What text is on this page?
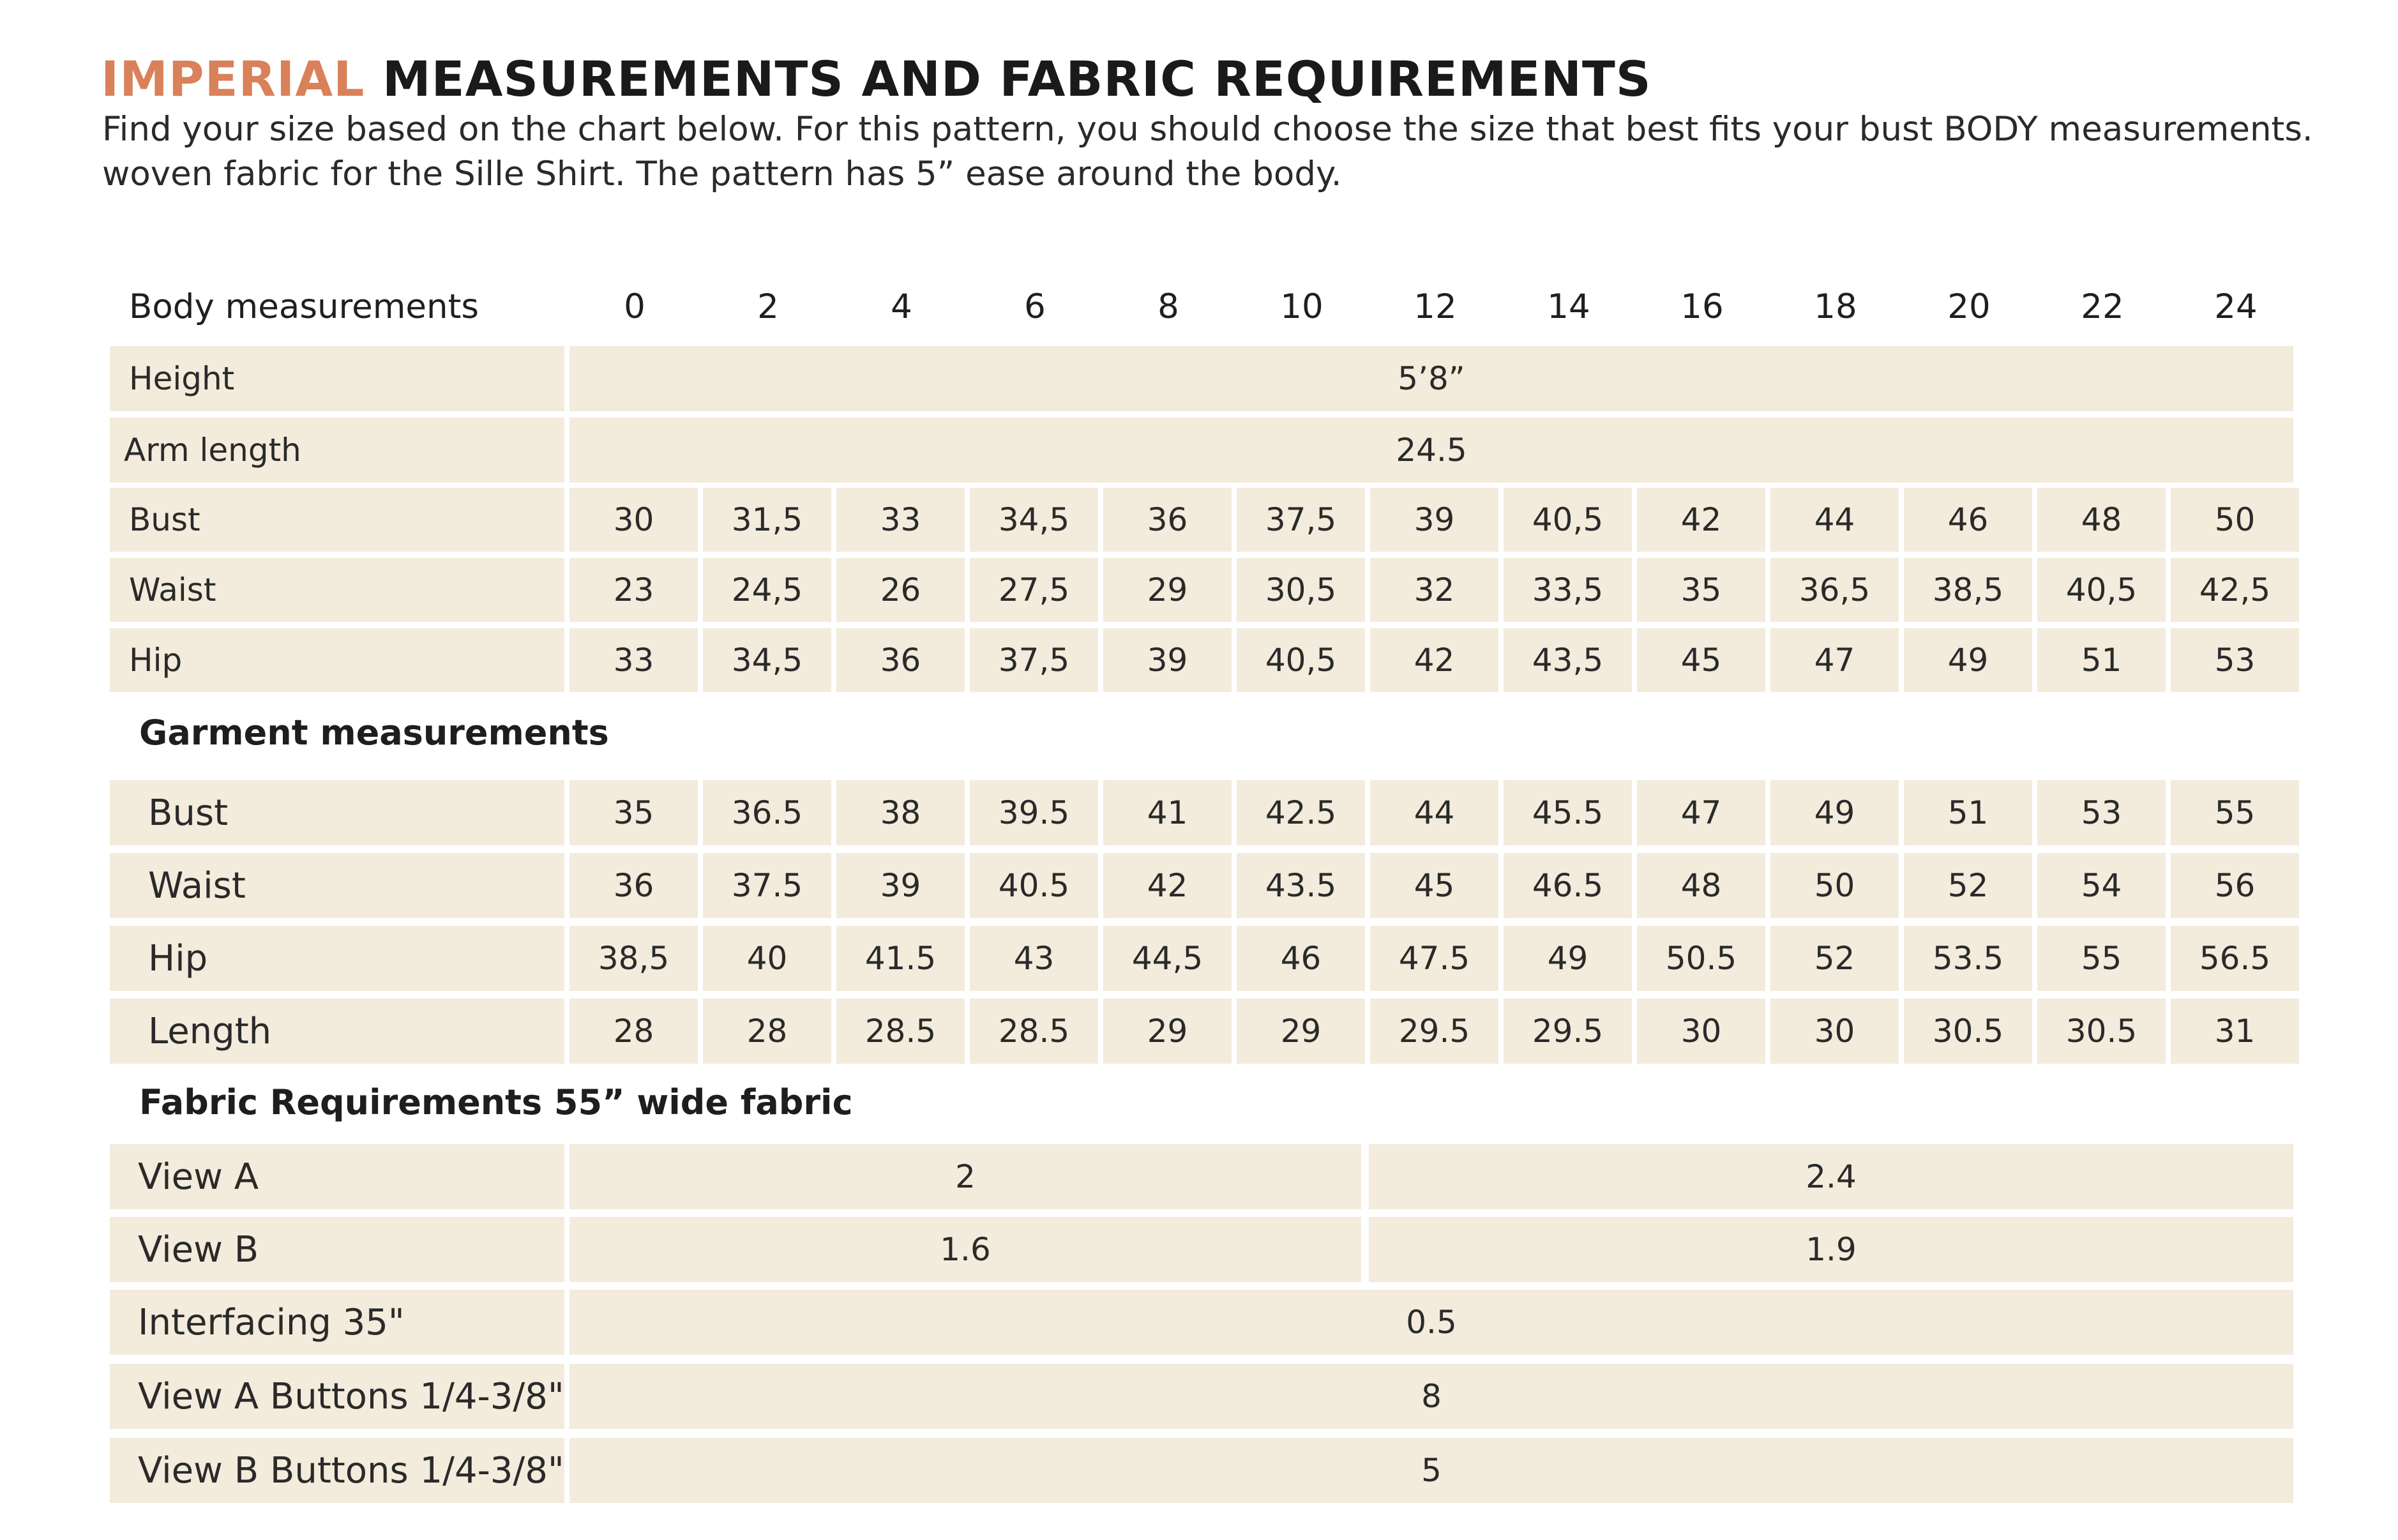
IMPERIAL MEASUREMENTS AND FABRIC REQUIREMENTS
Find your size based on the chart below. For this pattern, you should choose the size that best fits your bust BODY measurements.
woven fabric for the Sille Shirt. The pattern has 5” ease around the body.
Body measurements	0	2	4	6	8	10	12	14	16	18	20	22	24
Height	5’8”
Arm length	24.5
Bust	30	31,5	33	34,5	36	37,5	39	40,5	42	44	46	48	50
Waist	23	24,5	26	27,5	29	30,5	32	33,5	35	36,5	38,5	40,5	42,5
Hip	33	34,5	36	37,5	39	40,5	42	43,5	45	47	49	51	53
Garment measurements
Bust	35	36.5	38	39.5	41	42.5	44	45.5	47	49	51	53	55
Waist	36	37.5	39	40.5	42	43.5	45	46.5	48	50	52	54	56
Hip	38,5	40	41.5	43	44,5	46	47.5	49	50.5	52	53.5	55	56.5
Length	28	28	28.5	28.5	29	29	29.5	29.5	30	30	30.5	30.5	31
Fabric Requirements 55” wide fabric
View A	2	2.4
View B	1.6	1.9
Interfacing 35"	0.5
View A Buttons 1/4-3/8"	8
View B Buttons 1/4-3/8"	5
